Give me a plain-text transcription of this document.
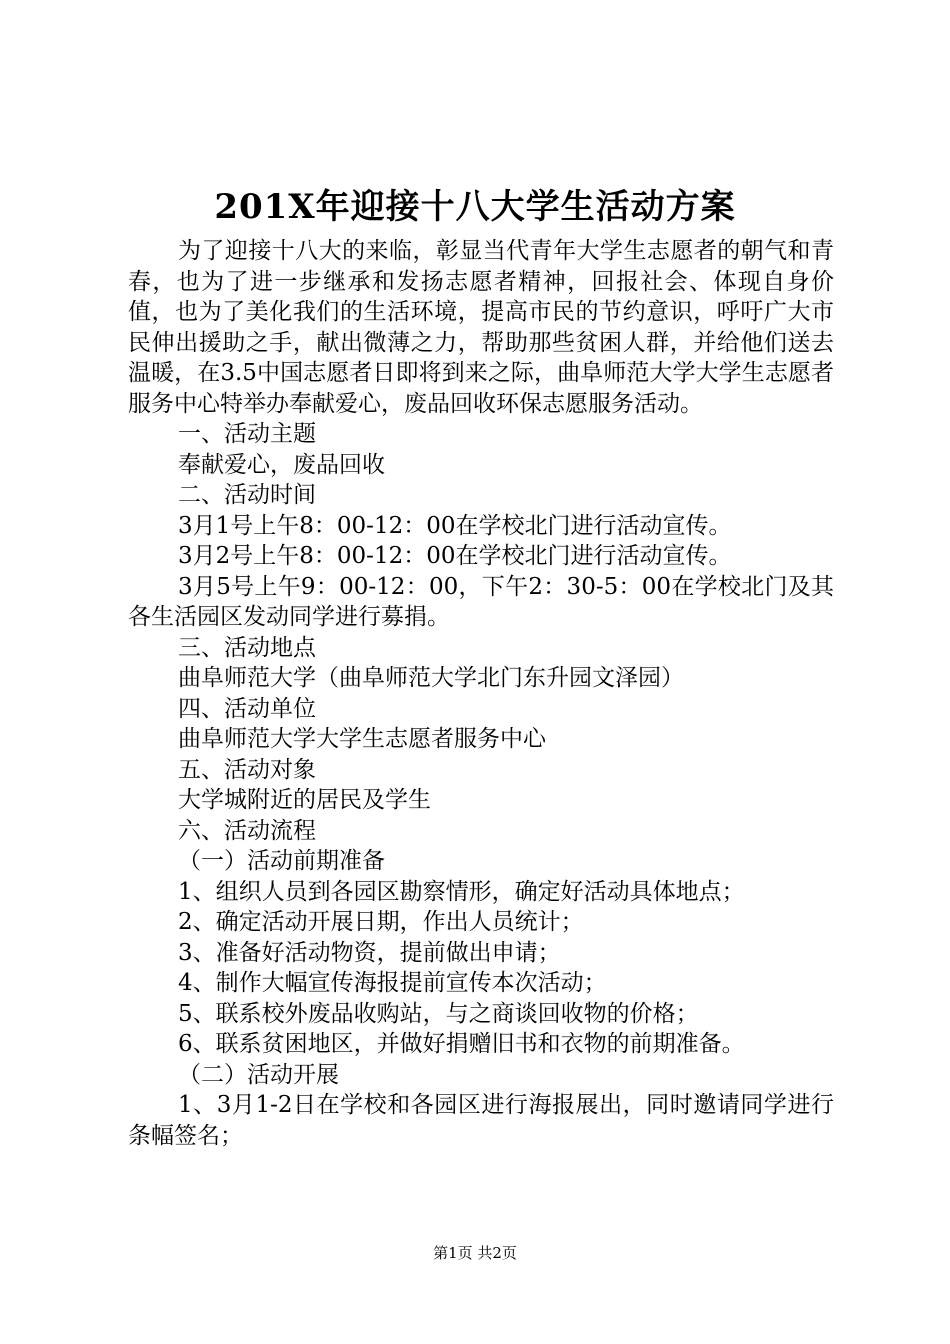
201X年迎接十八大学生活动方案

为了迎接十八大的来临，彰显当代青年大学生志愿者的朝气和青春，也为了进一步继承和发扬志愿者精神，回报社会、体现自身价值，也为了美化我们的生活环境，提高市民的节约意识，呼吁广大市民伸出援助之手，献出微薄之力，帮助那些贫困人群，并给他们送去温暖，在3.5中国志愿者日即将到来之际，曲阜师范大学大学生志愿者服务中心特举办奉献爱心，废品回收环保志愿服务活动。

一、活动主题

奉献爱心，废品回收

二、活动时间

3月1号上午8：00-12：00在学校北门进行活动宣传。

3月2号上午8：00-12：00在学校北门进行活动宣传。

3月5号上午9：00-12：00，下午2：30-5：00在学校北门及其各生活园区发动同学进行募捐。

三、活动地点

曲阜师范大学（曲阜师范大学北门东升园文泽园）

四、活动单位

曲阜师范大学大学生志愿者服务中心

五、活动对象

大学城附近的居民及学生

六、活动流程

（一）活动前期准备

1、组织人员到各园区勘察情形，确定好活动具体地点；

2、确定活动开展日期，作出人员统计；

3、准备好活动物资，提前做出申请；

4、制作大幅宣传海报提前宣传本次活动；

5、联系校外废品收购站，与之商谈回收物的价格；

6、联系贫困地区，并做好捐赠旧书和衣物的前期准备。

（二）活动开展

1、3月1-2日在学校和各园区进行海报展出，同时邀请同学进行条幅签名；

第1页 共2页
